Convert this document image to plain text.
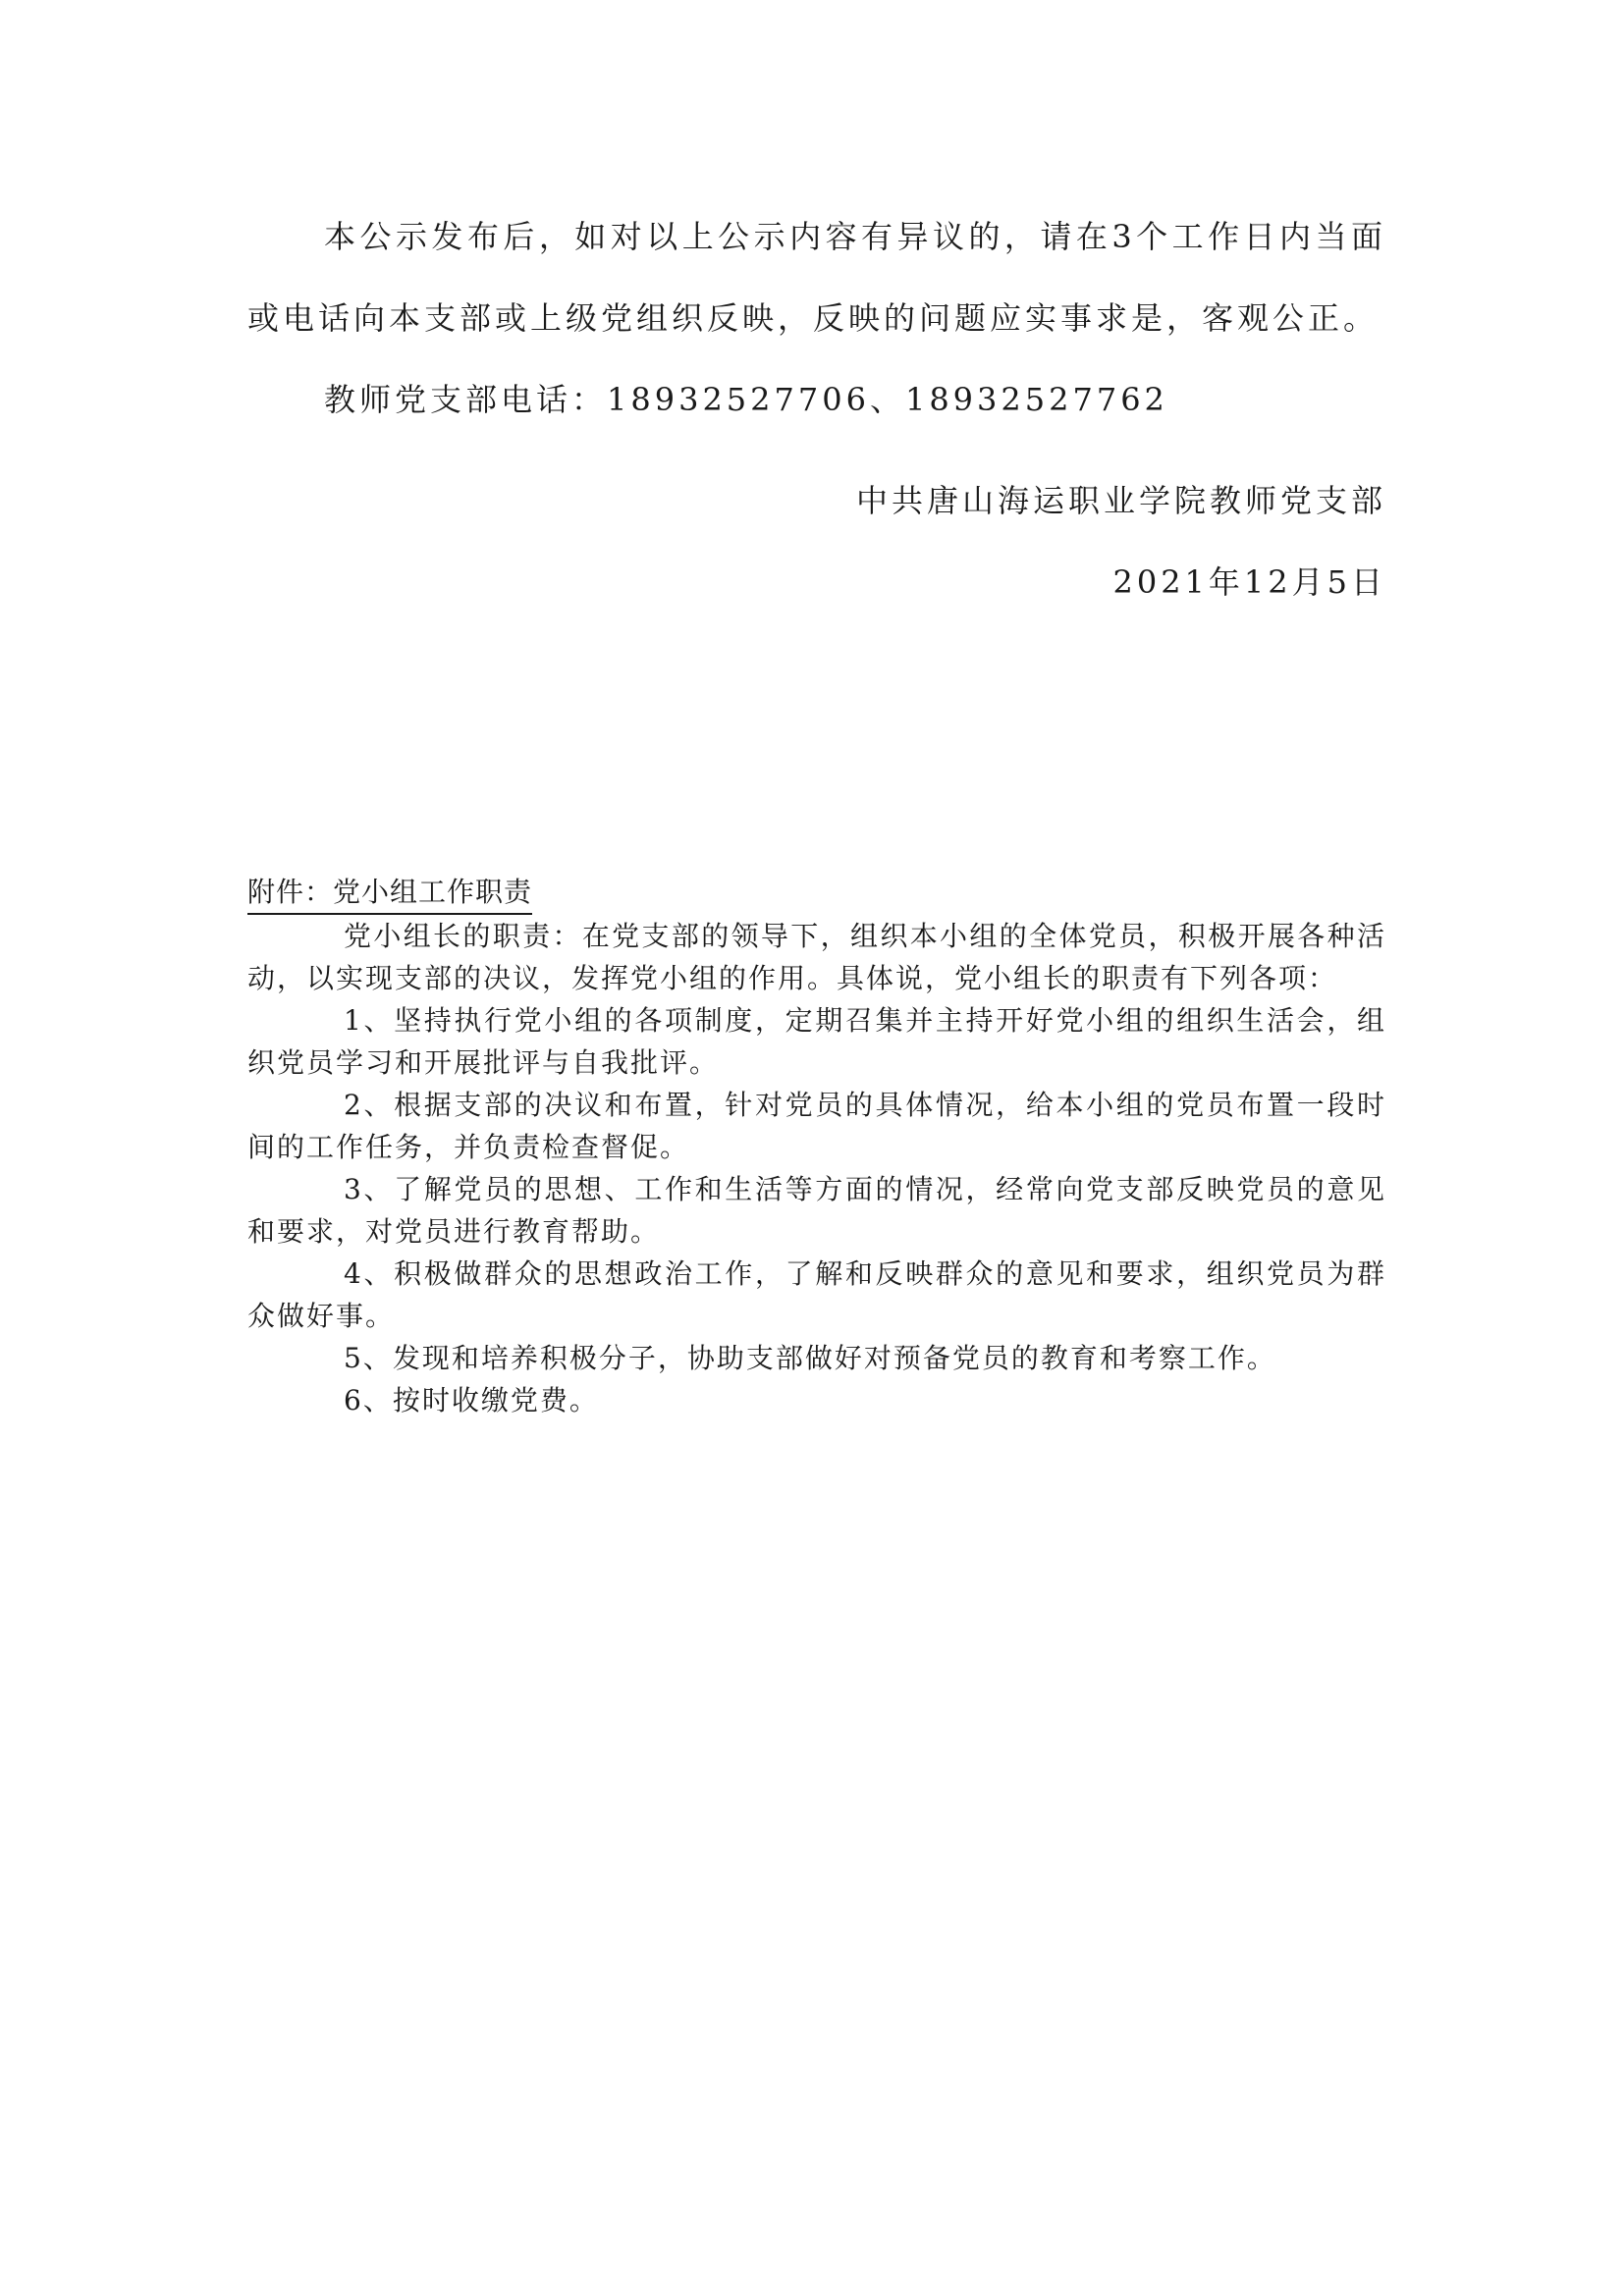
本公示发布后，如对以上公示内容有异议的，请在3个工作日内当面或电话向本支部或上级党组织反映，反映的问题应实事求是，客观公正。

教师党支部电话：18932527706、18932527762

中共唐山海运职业学院教师党支部

2021年12月5日

附件：党小组工作职责

党小组长的职责：在党支部的领导下，组织本小组的全体党员，积极开展各种活动，以实现支部的决议，发挥党小组的作用。具体说，党小组长的职责有下列各项：

1、坚持执行党小组的各项制度，定期召集并主持开好党小组的组织生活会，组织党员学习和开展批评与自我批评。

2、根据支部的决议和布置，针对党员的具体情况，给本小组的党员布置一段时间的工作任务，并负责检查督促。

3、了解党员的思想、工作和生活等方面的情况，经常向党支部反映党员的意见和要求，对党员进行教育帮助。

4、积极做群众的思想政治工作，了解和反映群众的意见和要求，组织党员为群众做好事。

5、发现和培养积极分子，协助支部做好对预备党员的教育和考察工作。

6、按时收缴党费。
